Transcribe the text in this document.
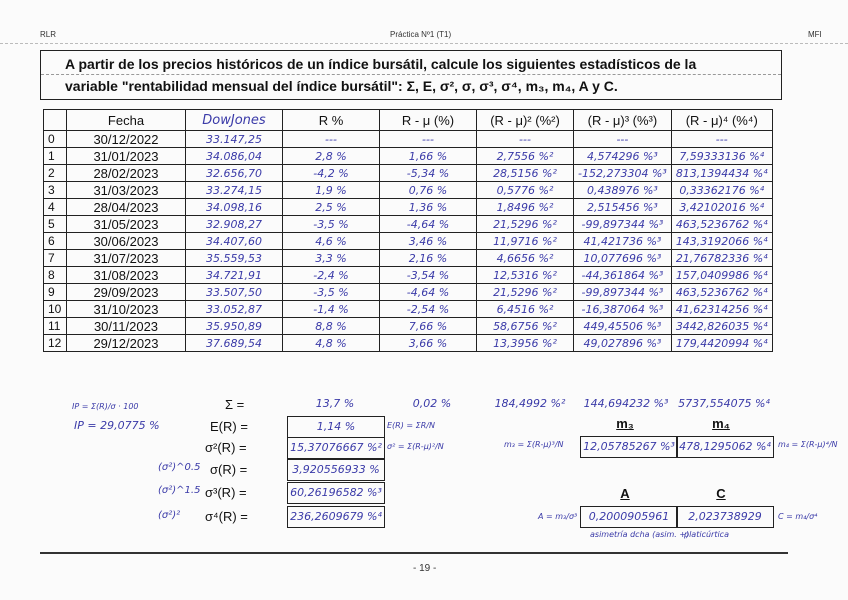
RLR	Práctica Nº1 (T1)	MFI
A partir de los precios históricos de un índice bursátil, calcule los siguientes estadísticos de la
variable "rentabilidad mensual del índice bursátil": Σ, E, σ², σ, σ³, σ⁴, m₃, m₄, A y C.
	Fecha	DowJones	R %	R - μ (%)	(R - μ)² (%²)	(R - μ)³ (%³)	(R - μ)⁴ (%⁴)
0	30/12/2022	33.147,25	---	---	---	---	---
1	31/01/2023	34.086,04	2,8 %	1,66 %	2,7556 %²	4,574296 %³	7,59333136 %⁴
2	28/02/2023	32.656,70	-4,2 %	-5,34 %	28,5156 %²	-152,273304 %³	813,1394434 %⁴
3	31/03/2023	33.274,15	1,9 %	0,76 %	0,5776 %²	0,438976 %³	0,33362176 %⁴
4	28/04/2023	34.098,16	2,5 %	1,36 %	1,8496 %²	2,515456 %³	3,42102016 %⁴
5	31/05/2023	32.908,27	-3,5 %	-4,64 %	21,5296 %²	-99,897344 %³	463,5236762 %⁴
6	30/06/2023	34.407,60	4,6 %	3,46 %	11,9716 %²	41,421736 %³	143,3192066 %⁴
7	31/07/2023	35.559,53	3,3 %	2,16 %	4,6656 %²	10,077696 %³	21,76782336 %⁴
8	31/08/2023	34.721,91	-2,4 %	-3,54 %	12,5316 %²	-44,361864 %³	157,0409986 %⁴
9	29/09/2023	33.507,50	-3,5 %	-4,64 %	21,5296 %²	-99,897344 %³	463,5236762 %⁴
10	31/10/2023	33.052,87	-1,4 %	-2,54 %	6,4516 %²	-16,387064 %³	41,62314256 %⁴
11	30/11/2023	35.950,89	8,8 %	7,66 %	58,6756 %²	449,45506 %³	3442,826035 %⁴
12	29/12/2023	37.689,54	4,8 %	3,66 %	13,3956 %²	49,027896 %³	179,4420994 %⁴
Σ =	13,7 %	0,02 %	184,4992 %²	144,694232 %³ 5737,554075 %⁴
IP = Σ(R)/σ · 100
IP = 29,0775 %	E(R) =	1,14 %	E(R) = ΣR/N
σ²(R) =	15,37076667 %² σ² = Σ(R-μ)²/N
(σ²)^0.5 σ(R) =	3,920556933 %
(σ²)^1.5 σ³(R) =	60,26196582 %³
(σ²)² σ⁴(R) =	236,2609679 %⁴
m₃	m₄
m₃ = Σ(R-μ)³/N 12,05785267 %³ 478,1295062 %⁴ m₄ = Σ(R-μ)⁴/N
A	C
A = m₃/σ³	0,2000905961	2,023738929	C = m₄/σ⁴
asimetría dcha (asim. +)
platicúrtica
- 19 -
